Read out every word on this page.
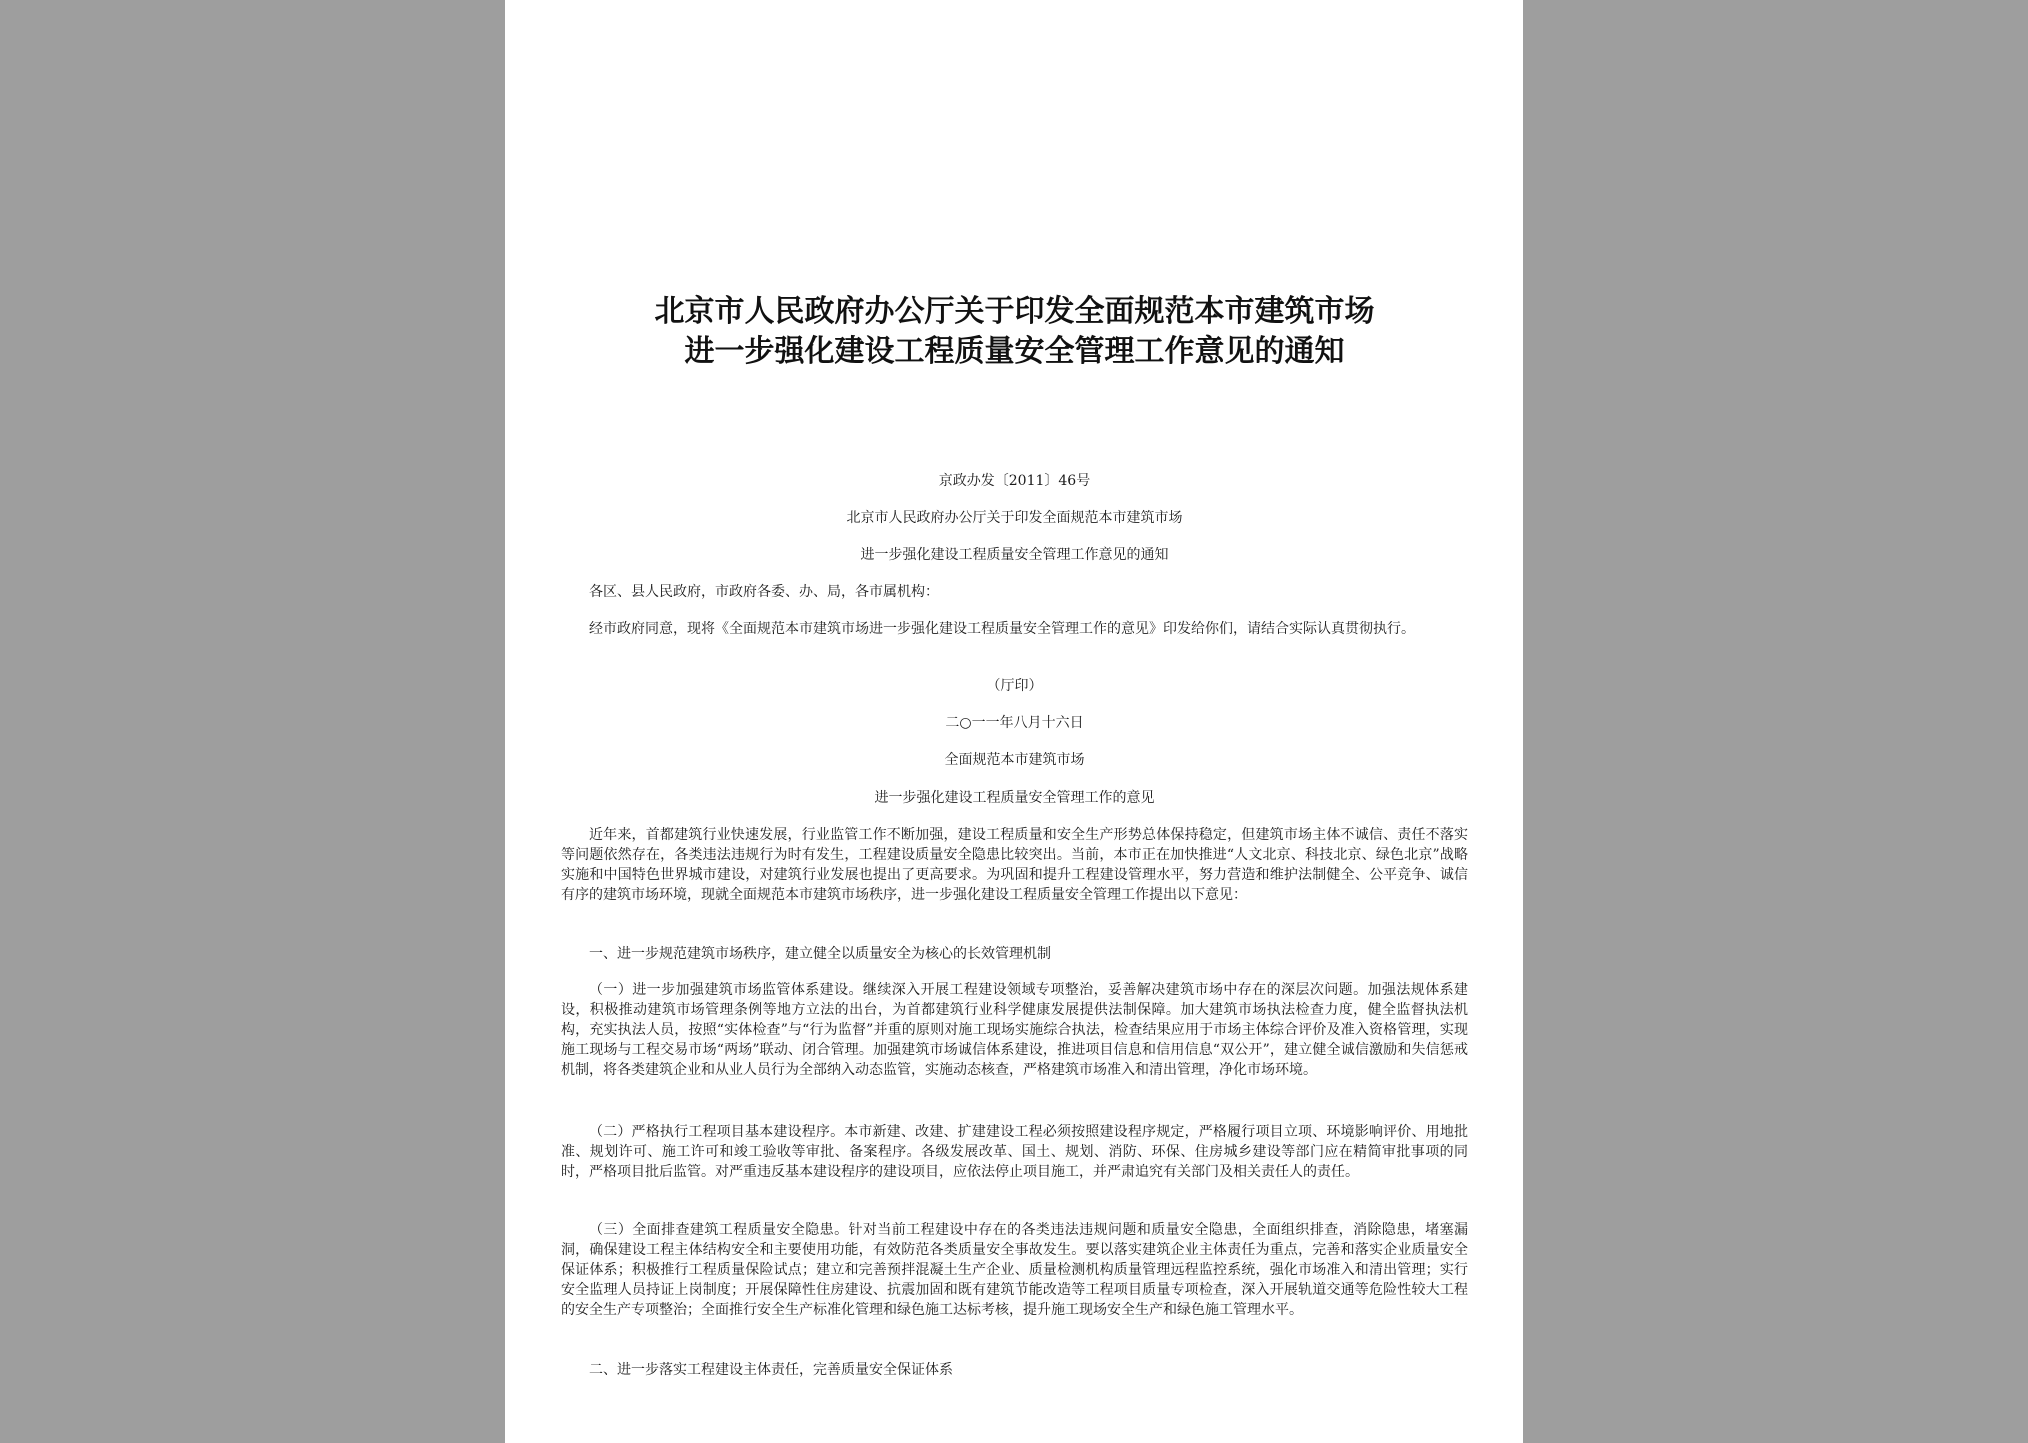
北京市人民政府办公厅关于印发全面规范本市建筑市场
进一步强化建设工程质量安全管理工作意见的通知

京政办发〔2011〕46号

北京市人民政府办公厅关于印发全面规范本市建筑市场

进一步强化建设工程质量安全管理工作意见的通知

各区、县人民政府，市政府各委、办、局，各市属机构：

经市政府同意，现将《全面规范本市建筑市场进一步强化建设工程质量安全管理工作的意见》印发给你们，请结合实际认真贯彻执行。

（厅印）

二○一一年八月十六日

全面规范本市建筑市场

进一步强化建设工程质量安全管理工作的意见

近年来，首都建筑行业快速发展，行业监管工作不断加强，建设工程质量和安全生产形势总体保持稳定，但建筑市场主体不诚信、责任不落实等问题依然存在，各类违法违规行为时有发生，工程建设质量安全隐患比较突出。当前，本市正在加快推进“人文北京、科技北京、绿色北京”战略实施和中国特色世界城市建设，对建筑行业发展也提出了更高要求。为巩固和提升工程建设管理水平，努力营造和维护法制健全、公平竞争、诚信有序的建筑市场环境，现就全面规范本市建筑市场秩序，进一步强化建设工程质量安全管理工作提出以下意见：

一、进一步规范建筑市场秩序，建立健全以质量安全为核心的长效管理机制

（一）进一步加强建筑市场监管体系建设。继续深入开展工程建设领域专项整治，妥善解决建筑市场中存在的深层次问题。加强法规体系建设，积极推动建筑市场管理条例等地方立法的出台，为首都建筑行业科学健康发展提供法制保障。加大建筑市场执法检查力度，健全监督执法机构，充实执法人员，按照“实体检查”与“行为监督”并重的原则对施工现场实施综合执法，检查结果应用于市场主体综合评价及准入资格管理，实现施工现场与工程交易市场“两场”联动、闭合管理。加强建筑市场诚信体系建设，推进项目信息和信用信息“双公开”，建立健全诚信激励和失信惩戒机制，将各类建筑企业和从业人员行为全部纳入动态监管，实施动态核查，严格建筑市场准入和清出管理，净化市场环境。

（二）严格执行工程项目基本建设程序。本市新建、改建、扩建建设工程必须按照建设程序规定，严格履行项目立项、环境影响评价、用地批准、规划许可、施工许可和竣工验收等审批、备案程序。各级发展改革、国土、规划、消防、环保、住房城乡建设等部门应在精简审批事项的同时，严格项目批后监管。对严重违反基本建设程序的建设项目，应依法停止项目施工，并严肃追究有关部门及相关责任人的责任。

（三）全面排查建筑工程质量安全隐患。针对当前工程建设中存在的各类违法违规问题和质量安全隐患，全面组织排查，消除隐患，堵塞漏洞，确保建设工程主体结构安全和主要使用功能，有效防范各类质量安全事故发生。要以落实建筑企业主体责任为重点，完善和落实企业质量安全保证体系；积极推行工程质量保险试点；建立和完善预拌混凝土生产企业、质量检测机构质量管理远程监控系统，强化市场准入和清出管理；实行安全监理人员持证上岗制度；开展保障性住房建设、抗震加固和既有建筑节能改造等工程项目质量专项检查，深入开展轨道交通等危险性较大工程的安全生产专项整治；全面推行安全生产标准化管理和绿色施工达标考核，提升施工现场安全生产和绿色施工管理水平。

二、进一步落实工程建设主体责任，完善质量安全保证体系
